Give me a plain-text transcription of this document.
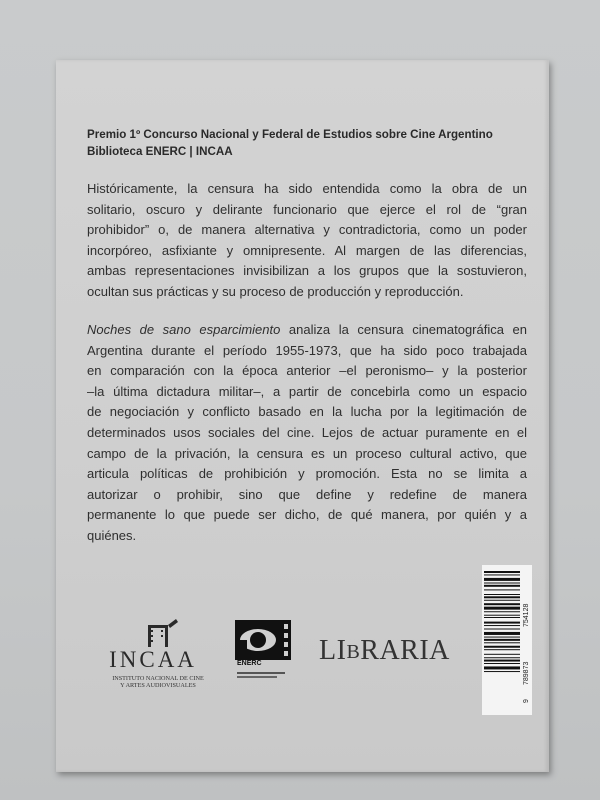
Premio 1º Concurso Nacional y Federal de Estudios sobre Cine Argentino
Biblioteca ENERC | INCAA
Históricamente, la censura ha sido entendida como la obra de un
solitario, oscuro y delirante funcionario que ejerce el rol de “gran
prohibidor” o, de manera alternativa y contradictoria, como un poder
incorpóreo, asfixiante y omnipresente. Al margen de las diferencias,
ambas representaciones invisibilizan a los grupos que la sostuvieron,
ocultan sus prácticas y su proceso de producción y reproducción.
Noches de sano esparcimiento analiza la censura cinematográfica en
Argentina durante el período 1955-1973, que ha sido poco trabajada
en comparación con la época anterior –el peronismo– y la posterior
–la última dictadura militar–, a partir de concebirla como un espacio
de negociación y conflicto basado en la lucha por la legitimación de
determinados usos sociales del cine. Lejos de actuar puramente en el
campo de la privación, la censura es un proceso cultural activo, que
articula políticas de prohibición y promoción. Esta no se limita a
autorizar o prohibir, sino que define y redefine de manera
permanente lo que puede ser dicho, de qué manera, por quién y a
quiénes.
9
789873
754128
INCAA
INSTITUTO NACIONAL DE CINE
Y ARTES AUDIOVISUALES
ENERC LIBRARIA
